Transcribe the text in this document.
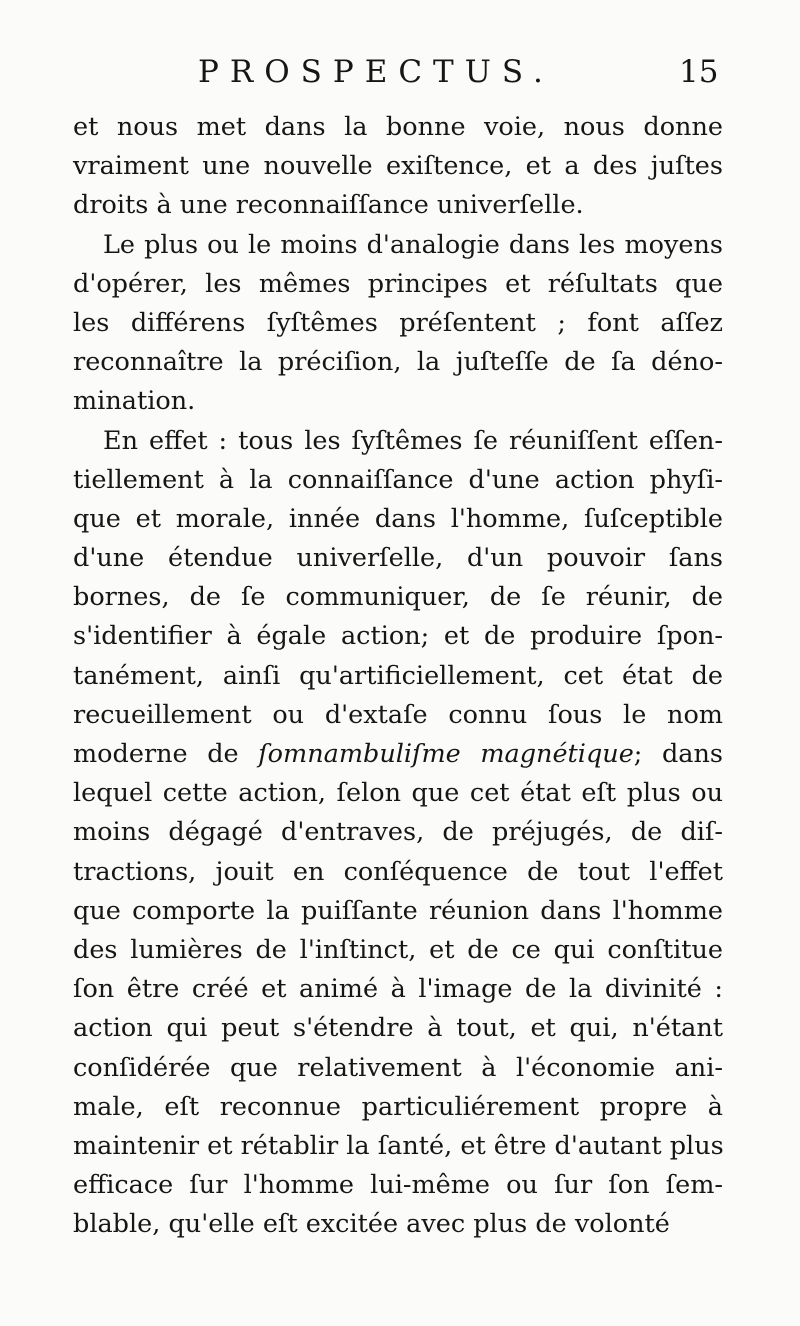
PROSPECTUS.	15
et nous met dans la bonne voie, nous donne
vraiment une nouvelle exiſtence, et a des juſtes
droits à une reconnaiſſance univerſelle.
Le plus ou le moins d'analogie dans les moyens
d'opérer, les mêmes principes et réſultats que
les différens ſyſtêmes préſentent ; font aſſez
reconnaître la préciſion, la juſteſſe de ſa déno-
mination.
En effet : tous les ſyſtêmes ſe réuniſſent eſſen-
tiellement à la connaiſſance d'une action phyſi-
que et morale, innée dans l'homme, ſuſceptible
d'une étendue univerſelle, d'un pouvoir ſans
bornes, de ſe communiquer, de ſe réunir, de
s'identifier à égale action; et de produire ſpon-
tanément, ainſi qu'artificiellement, cet état de
recueillement ou d'extaſe connu ſous le nom
moderne de ſomnambuliſme magnétique; dans
lequel cette action, ſelon que cet état eſt plus ou
moins dégagé d'entraves, de préjugés, de diſ-
tractions, jouit en conſéquence de tout l'effet
que comporte la puiſſante réunion dans l'homme
des lumières de l'inſtinct, et de ce qui conſtitue
ſon être créé et animé à l'image de la divinité :
action qui peut s'étendre à tout, et qui, n'étant
conſidérée que relativement à l'économie ani-
male, eſt reconnue particuliérement propre à
maintenir et rétablir la ſanté, et être d'autant plus
efficace ſur l'homme lui-même ou ſur ſon ſem-
blable, qu'elle eſt excitée avec plus de volonté
